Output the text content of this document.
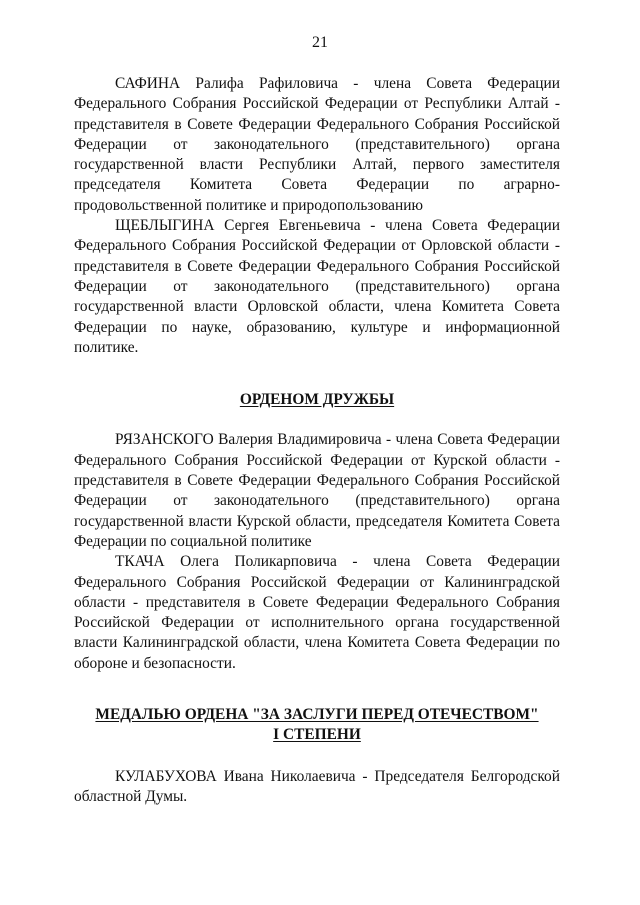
21

САФИНА Ралифа Рафиловича - члена Совета Федерации Федерального Собрания Российской Федерации от Республики Алтай - представителя в Совете Федерации Федерального Собрания Российской Федерации от законодательного (представительного) органа государственной власти Республики Алтай, первого заместителя председателя Комитета Совета Федерации по аграрно-продовольственной политике и природопользованию

ЩЕБЛЫГИНА Сергея Евгеньевича - члена Совета Федерации Федерального Собрания Российской Федерации от Орловской области - представителя в Совете Федерации Федерального Собрания Российской Федерации от законодательного (представительного) органа государственной власти Орловской области, члена Комитета Совета Федерации по науке, образованию, культуре и информационной политике.

ОРДЕНОМ ДРУЖБЫ

РЯЗАНСКОГО Валерия Владимировича - члена Совета Федерации Федерального Собрания Российской Федерации от Курской области - представителя в Совете Федерации Федерального Собрания Российской Федерации от законодательного (представительного) органа государственной власти Курской области, председателя Комитета Совета Федерации по социальной политике

ТКАЧА Олега Поликарповича - члена Совета Федерации Федерального Собрания Российской Федерации от Калининградской области - представителя в Совете Федерации Федерального Собрания Российской Федерации от исполнительного органа государственной власти Калининградской области, члена Комитета Совета Федерации по обороне и безопасности.

МЕДАЛЬЮ ОРДЕНА "ЗА ЗАСЛУГИ ПЕРЕД ОТЕЧЕСТВОМ"
I СТЕПЕНИ

КУЛАБУХОВА Ивана Николаевича - Председателя Белгородской областной Думы.
